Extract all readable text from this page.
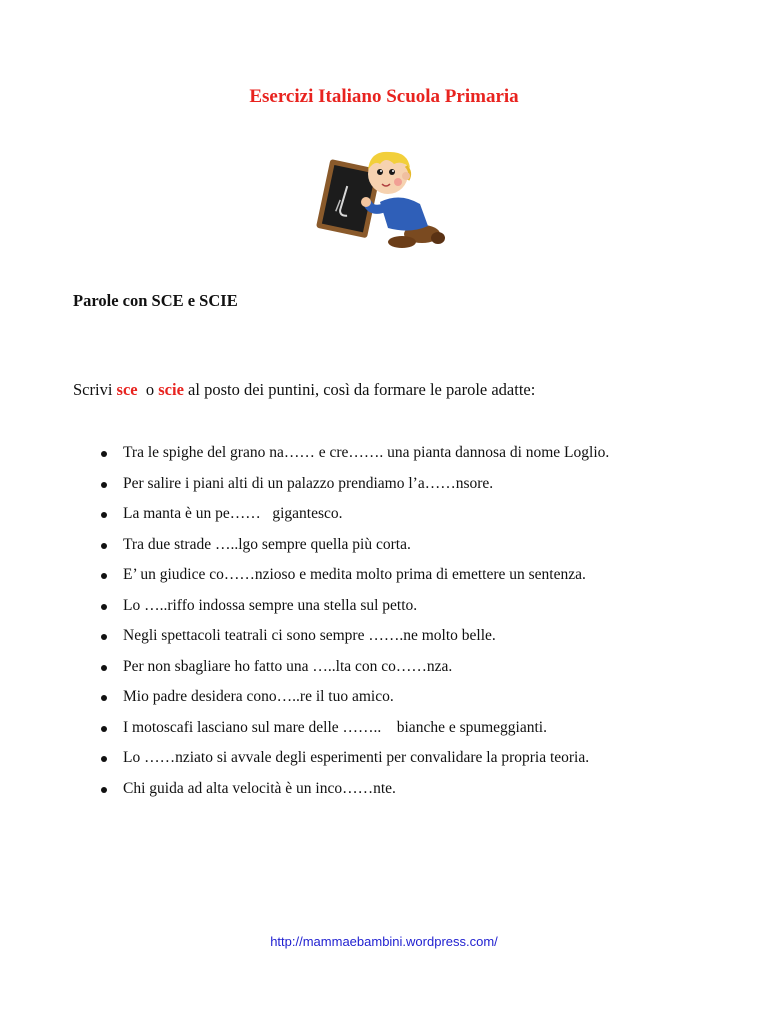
Esercizi Italiano Scuola Primaria
Parole con SCE e SCIE

Scrivi sce  o scie al posto dei puntini, così da formare le parole adatte:

Tra le spighe del grano na…… e cre……. una pianta dannosa di nome Loglio.
Per salire i piani alti di un palazzo prendiamo l’a……nsore.
La manta è un pe……   gigantesco.
Tra due strade …..lgo sempre quella più corta.
E’ un giudice co……nzioso e medita molto prima di emettere un sentenza.
Lo …..riffo indossa sempre una stella sul petto.
Negli spettacoli teatrali ci sono sempre …….ne molto belle.
Per non sbagliare ho fatto una …..lta con co……nza.
Mio padre desidera cono…..re il tuo amico.
I motoscafi lasciano sul mare delle ……..    bianche e spumeggianti.
Lo ……nziato si avvale degli esperimenti per convalidare la propria teoria.
Chi guida ad alta velocità è un inco……nte.

http://mammaebambini.wordpress.com/
